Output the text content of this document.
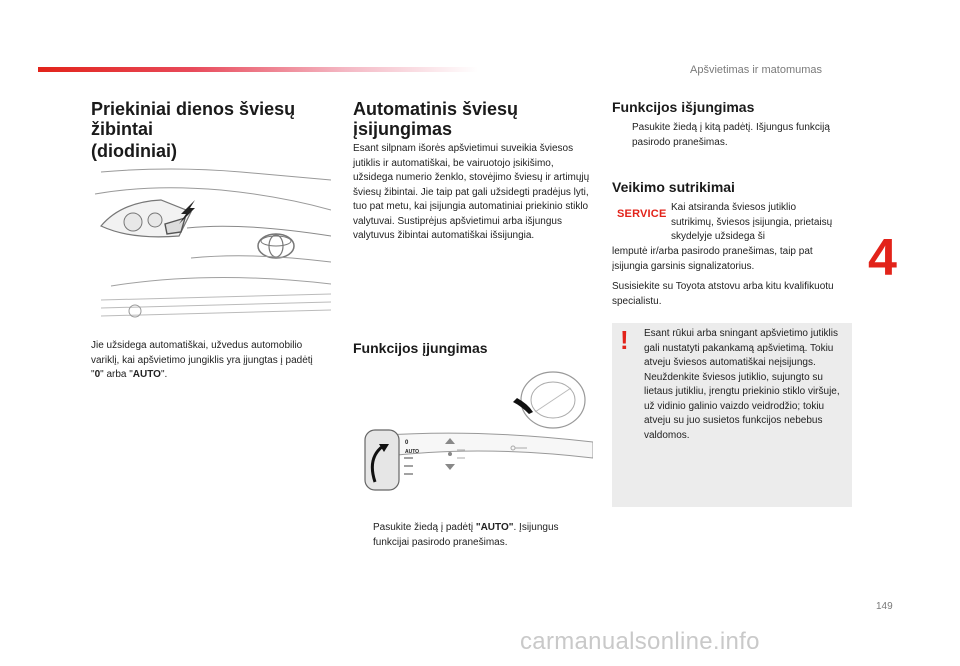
Apšvietimas ir matomumas
4
149
Priekiniai dienos šviesų
žibintai
(diodiniai)

Jie užsidega automatiškai, užvedus automobilio variklį, kai apšvietimo jungiklis yra įjungtas į padėtį "0" arba "AUTO".

Automatinis šviesų
įsijungimas

Esant silpnam išorės apšvietimui suveikia šviesos jutiklis ir automatiškai, be vairuotojo įsikišimo, užsidega numerio ženklo, stovėjimo šviesų ir artimųjų šviesų žibintai. Jie taip pat gali užsidegti pradėjus lyti, tuo pat metu, kai įsijungia automatiniai priekinio stiklo valytuvai. Sustiprėjus apšvietimui arba išjungus valytuvus žibintai automatiškai išsijungia.

Funkcijos įjungimas
0
AUTO
Pasukite žiedą į padėtį "AUTO". Įsijungus funkcijai pasirodo pranešimas.
Funkcijos išjungimas
Pasukite žiedą į kitą padėtį. Išjungus funkciją pasirodo pranešimas.
Veikimo sutrikimai
SERVICE

Kai atsiranda šviesos jutiklio sutrikimų, šviesos įsijungia, prietaisų skydelyje užsidega ši

lemputė ir/arba pasirodo pranešimas, taip pat įsijungia garsinis signalizatorius.

Susisiekite su Toyota atstovu arba kitu kvalifikuotu specialistu.

! Esant rūkui arba sningant apšvietimo jutiklis gali nustatyti pakankamą apšvietimą. Tokiu atveju šviesos automatiškai neįsijungs. Neuždenkite šviesos jutiklio, sujungto su lietaus jutikliu, įrengtu priekinio stiklo viršuje, už vidinio galinio vaizdo veidrodžio; tokiu atveju su juo susietos funkcijos nebebus valdomos.

carmanualsonline.info
